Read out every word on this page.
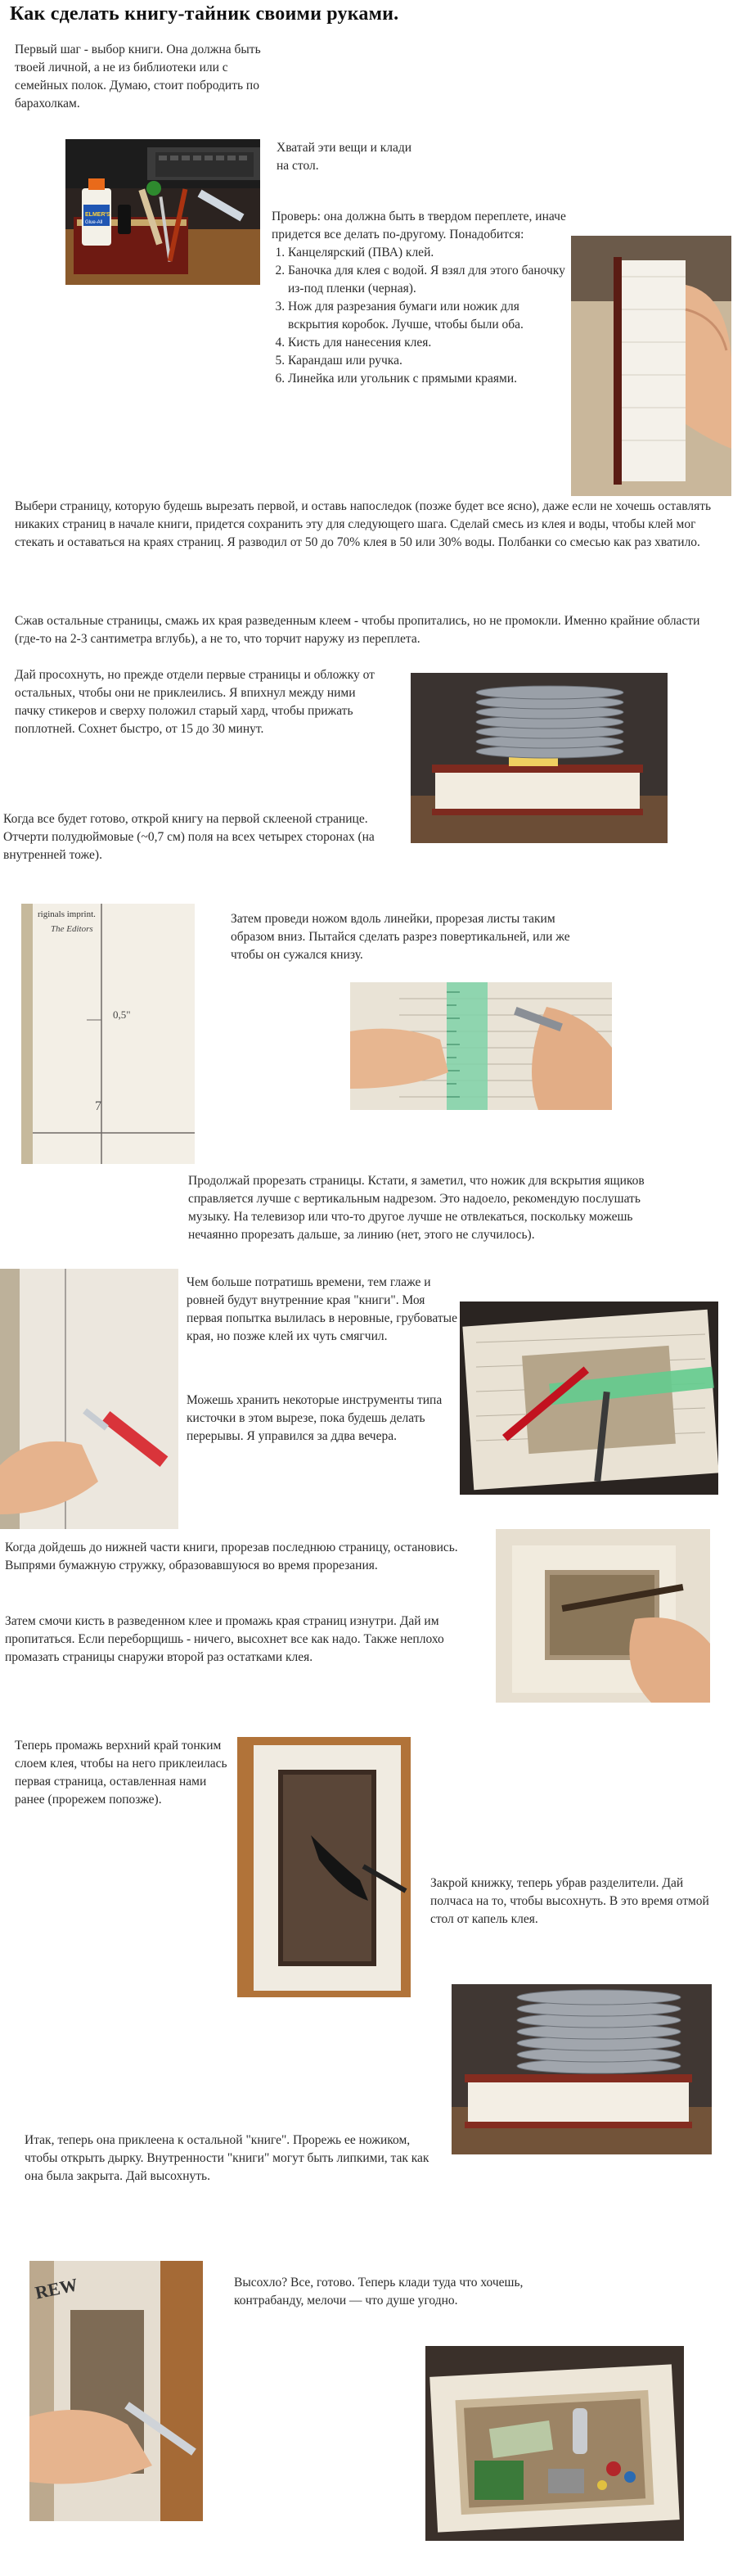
Как сделать книгу-тайник своими руками.
Первый шаг - выбор книги. Она должна быть твоей личной, а не из библиотеки или с семейных полок. Думаю, стоит побродить по барахолкам.
ELMER'S
Glue-All
Хватай эти вещи и клади на стол.
Проверь: она должна быть в твердом переплете, иначе придется все делать по-другому. Понадобится:
1. Канцелярский (ПВА) клей.
2. Баночка для клея с водой. Я взял для этого баночку из-под пленки (черная).
3. Нож для разрезания бумаги или ножик для вскрытия коробок. Лучше, чтобы были оба.
4. Кисть для нанесения клея.
5. Карандаш или ручка.
6. Линейка или угольник с прямыми краями.
Выбери страницу, которую будешь вырезать первой, и оставь напоследок (позже будет все ясно), даже если не хочешь оставлять никаких страниц в начале книги, придется сохранить эту для следующего шага. Сделай смесь из клея и воды, чтобы клей мог стекать и оставаться на краях страниц. Я разводил от 50 до 70% клея в 50 или 30% воды. Полбанки со смесью как раз хватило.
Сжав остальные страницы, смажь их края разведенным клеем - чтобы пропитались, но не промокли. Именно крайние области (где-то на 2-3 сантиметра вглубь), а не то, что торчит наружу из переплета.
Дай просохнуть, но прежде отдели первые страницы и обложку от остальных, чтобы они не приклеились. Я впихнул между ними пачку стикеров и сверху положил старый хард, чтобы прижать поплотней. Сохнет быстро, от 15 до 30 минут.
Когда все будет готово, открой книгу на первой склееной странице. Отчерти полудюймовые (~0,7 см) поля на всех четырех сторонах (на внутренней тоже).
riginals imprint.
The Editors
0,5"
7
Затем проведи ножом вдоль линейки, прорезая листы таким образом вниз. Пытайся сделать разрез повертикальней, или же чтобы он сужался книзу.
Продолжай прорезать страницы. Кстати, я заметил, что ножик для вскрытия ящиков справляется лучше с вертикальным надрезом. Это надоело, рекомендую послушать музыку. На телевизор или что-то другое лучше не отвлекаться, поскольку можешь нечаянно прорезать дальше, за линию (нет, этого не случилось).
Чем больше потратишь времени, тем глаже и ровней будут внутренние края "книги". Моя первая попытка вылилась в неровные, грубоватые края, но позже клей их чуть смягчил.
Можешь хранить некоторые инструменты типа кисточки в этом вырезе, пока будешь делать перерывы. Я управился за ддва вечера.
Когда дойдешь до нижней части книги, прорезав последнюю страницу, остановись. Выпрями бумажную стружку, образовавшуюся во время прорезания.
Затем смочи кисть в разведенном клее и промажь края страниц изнутри. Дай им пропитаться. Если переборщишь - ничего, высохнет все как надо. Также неплохо промазать страницы снаружи второй раз остатками клея.
Теперь промажь верхний край тонким слоем клея, чтобы на него приклеилась первая страница, оставленная нами ранее (прорежем попозже).
Закрой книжку, теперь убрав разделители. Дай полчаса на то, чтобы высохнуть. В это время отмой стол от капель клея.
Итак, теперь она приклеена к остальной "книге". Прорежь ее ножиком, чтобы открыть дырку. Внутренности "книги" могут быть липкими, так как она была закрыта. Дай высохнуть.
REW	Высохло? Все, готово. Теперь клади туда что хочешь, контрабанду, мелочи — что душе угодно.
